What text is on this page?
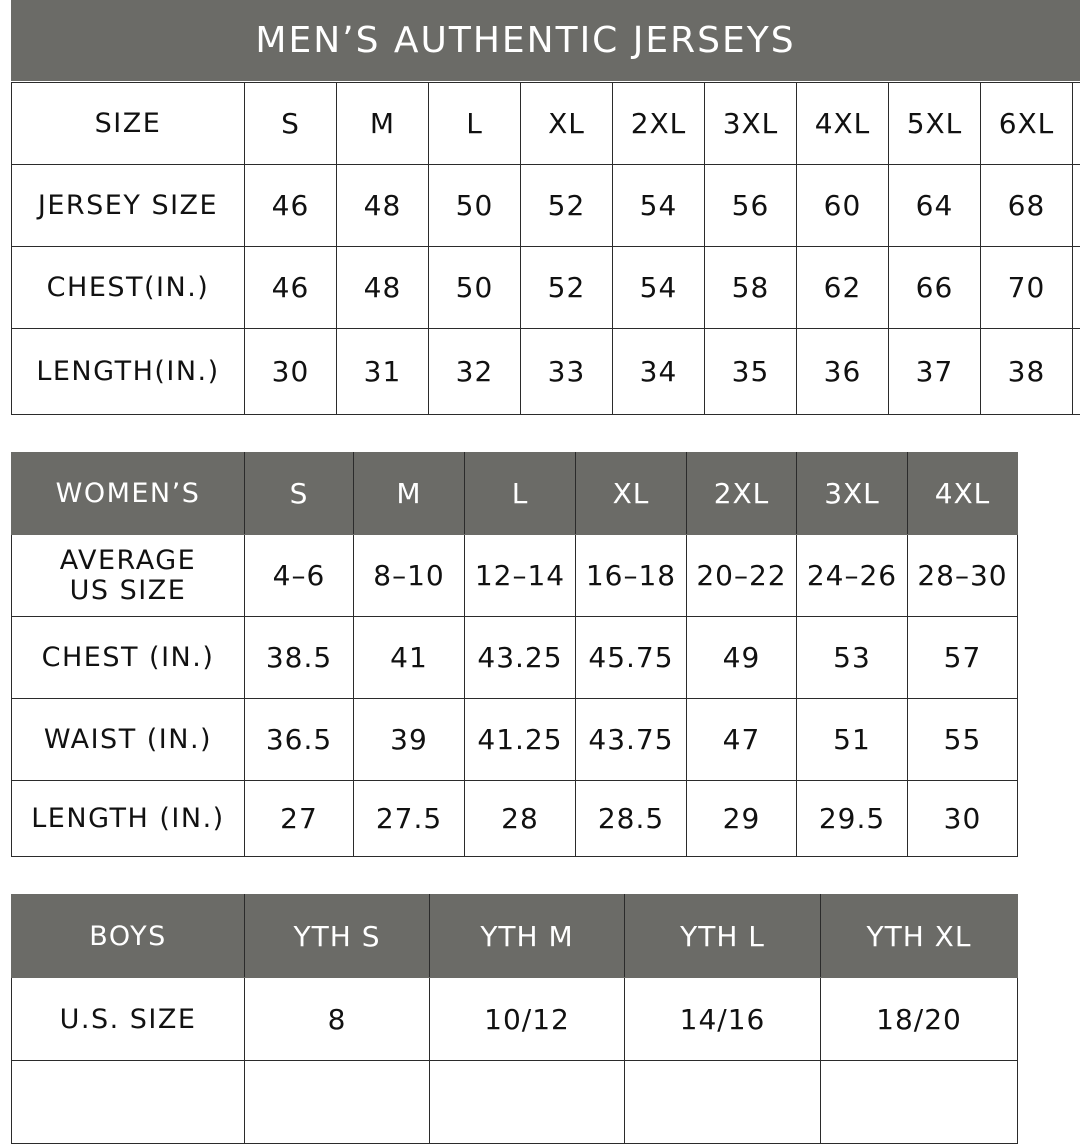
MEN’S AUTHENTIC JERSEYS
SIZE	S	M	L	XL	2XL	3XL	4XL	5XL	6XL	
JERSEY SIZE	46	48	50	52	54	56	60	64	68	
CHEST(IN.)	46	48	50	52	54	58	62	66	70	
LENGTH(IN.)	30	31	32	33	34	35	36	37	38	
WOMEN’S	S	M	L	XL	2XL	3XL	4XL

AVERAGE
US SIZE	4–6	8–10	12–14	16–18	20–22	24–26	28–30
CHEST (IN.)	38.5	41	43.25	45.75	49	53	57
WAIST (IN.)	36.5	39	41.25	43.75	47	51	55
LENGTH (IN.)	27	27.5	28	28.5	29	29.5	30
BOYS	YTH S	YTH M	YTH L	YTH XL
U.S. SIZE	8	10/12	14/16	18/20
